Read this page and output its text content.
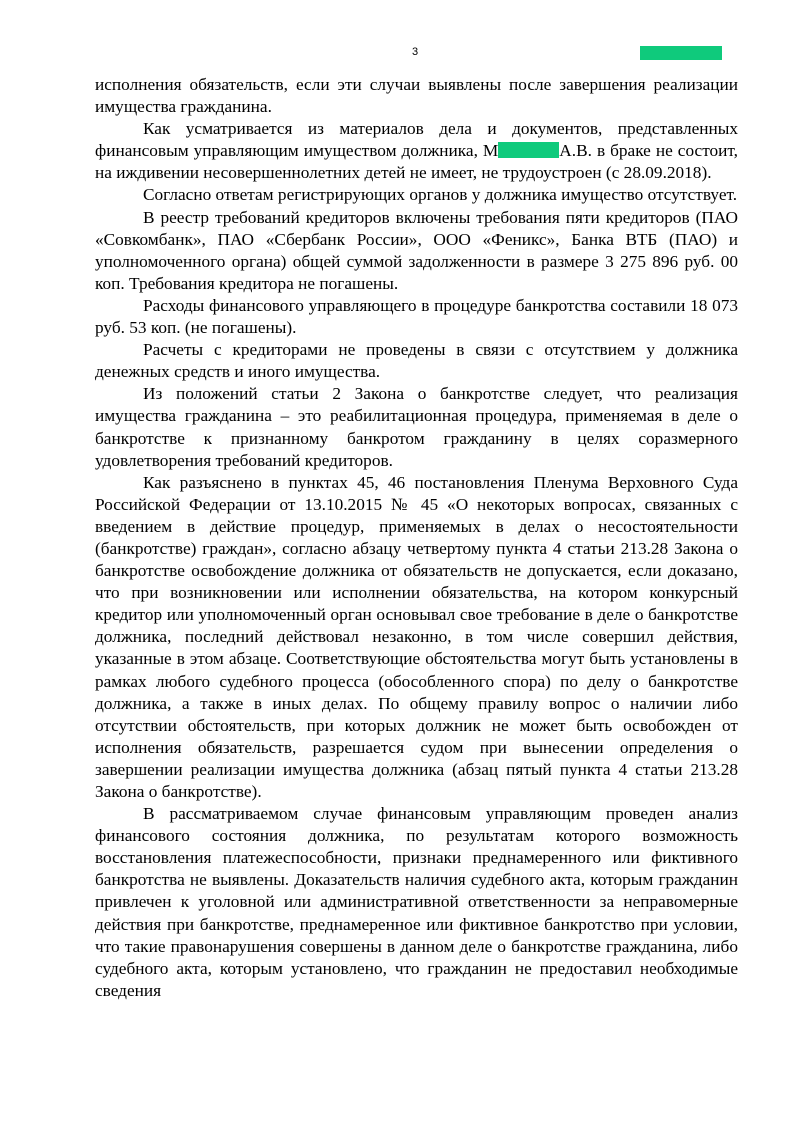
3

исполнения обязательств, если эти случаи выявлены после завершения реализации имущества гражданина.

Как усматривается из материалов дела и документов, представленных финансовым управляющим имуществом должника, М	А.В. в браке не состоит, на иждивении несовершеннолетних детей не имеет, не трудоустроен (с 28.09.2018).

Согласно ответам регистрирующих органов у должника имущество отсутствует.

В реестр требований кредиторов включены требования пяти кредиторов (ПАО «Совкомбанк», ПАО «Сбербанк России», ООО «Феникс», Банка ВТБ (ПАО) и уполномоченного органа) общей суммой задолженности в размере 3 275 896 руб. 00 коп. Требования кредитора не погашены.

Расходы финансового управляющего в процедуре банкротства составили 18 073 руб. 53 коп. (не погашены).

Расчеты с кредиторами не проведены в связи с отсутствием у должника денежных средств и иного имущества.

Из положений статьи 2 Закона о банкротстве следует, что реализация имущества гражданина – это реабилитационная процедура, применяемая в деле о банкротстве к признанному банкротом гражданину в целях соразмерного удовлетворения требований кредиторов.

Как разъяснено в пунктах 45, 46 постановления Пленума Верховного Суда Российской Федерации от 13.10.2015 № 45 «О некоторых вопросах, связанных с введением в действие процедур, применяемых в делах о несостоятельности (банкротстве) граждан», согласно абзацу четвертому пункта 4 статьи 213.28 Закона о банкротстве освобождение должника от обязательств не допускается, если доказано, что при возникновении или исполнении обязательства, на котором конкурсный кредитор или уполномоченный орган основывал свое требование в деле о банкротстве должника, последний действовал незаконно, в том числе совершил действия, указанные в этом абзаце. Соответствующие обстоятельства могут быть установлены в рамках любого судебного процесса (обособленного спора) по делу о банкротстве должника, а также в иных делах. По общему правилу вопрос о наличии либо отсутствии обстоятельств, при которых должник не может быть освобожден от исполнения обязательств, разрешается судом при вынесении определения о завершении реализации имущества должника (абзац пятый пункта 4 статьи 213.28 Закона о банкротстве).

В рассматриваемом случае финансовым управляющим проведен анализ финансового состояния должника, по результатам которого возможность восстановления платежеспособности, признаки преднамеренного или фиктивного банкротства не выявлены. Доказательств наличия судебного акта, которым гражданин привлечен к уголовной или административной ответственности за неправомерные действия при банкротстве, преднамеренное или фиктивное банкротство при условии, что такие правонарушения совершены в данном деле о банкротстве гражданина, либо судебного акта, которым установлено, что гражданин не предоставил необходимые сведения
